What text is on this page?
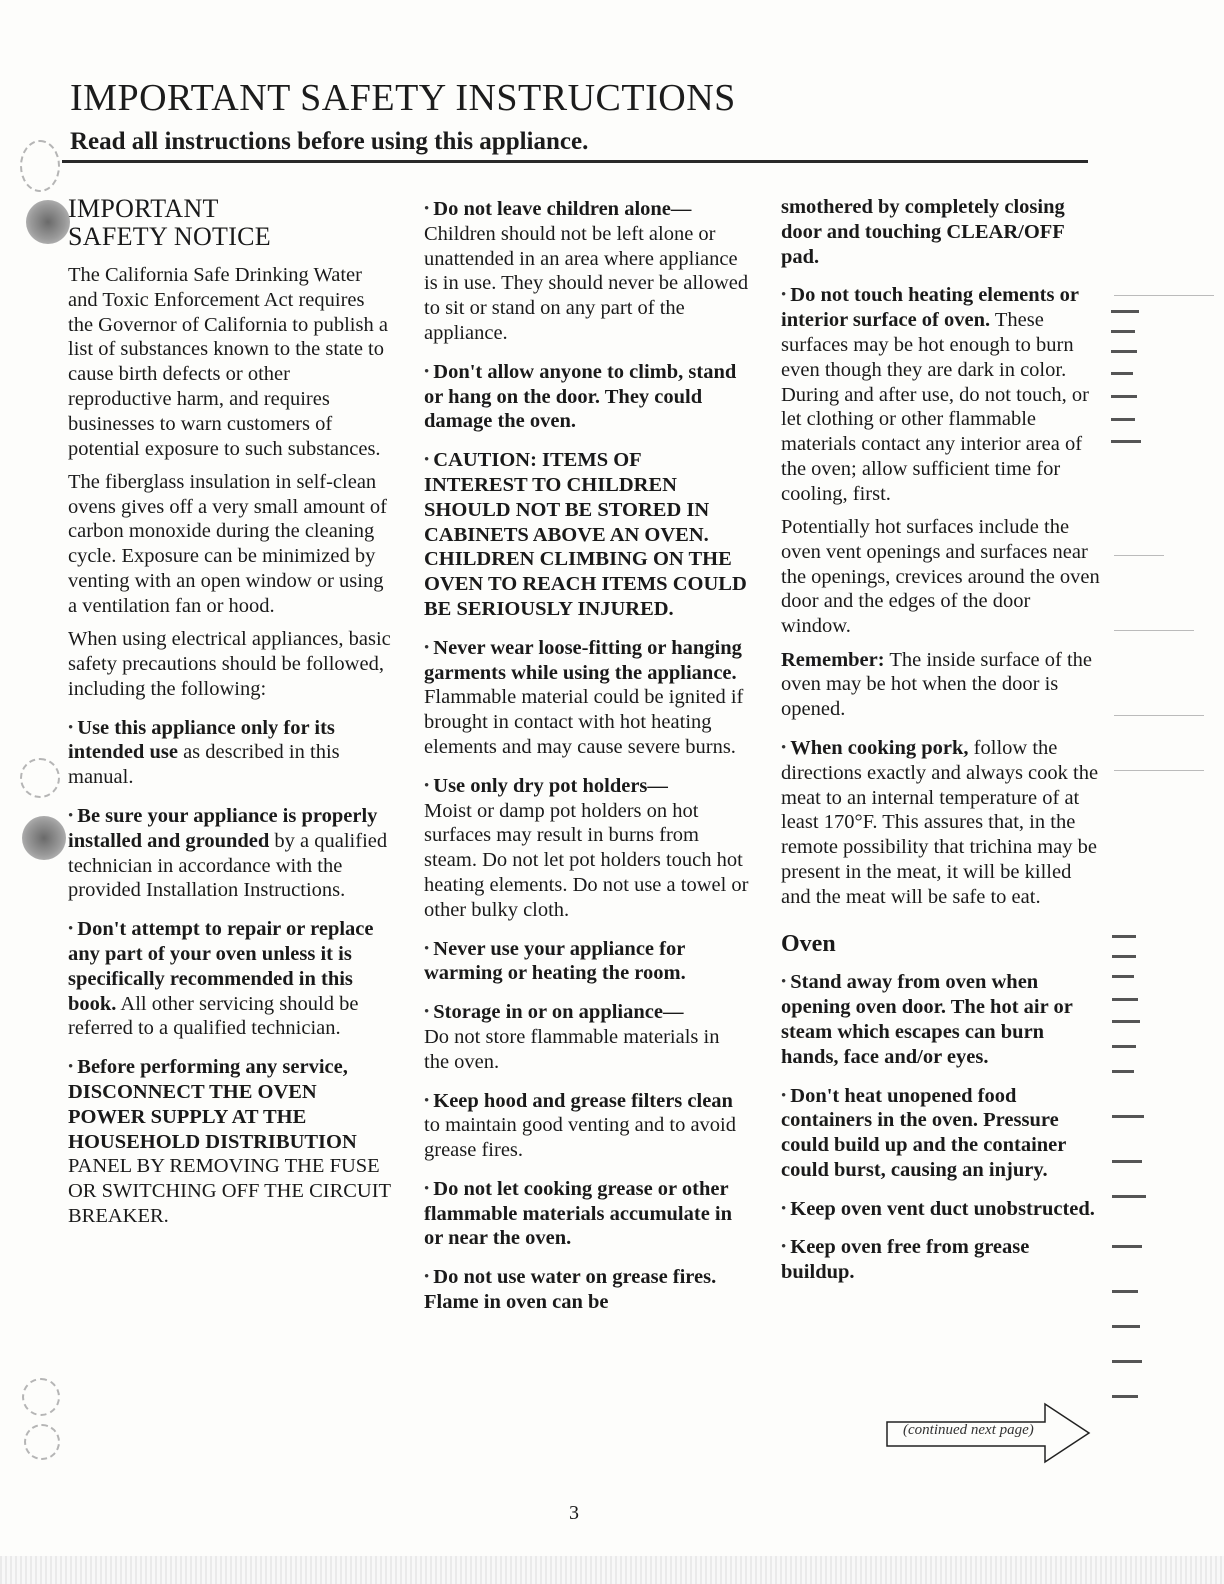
IMPORTANT SAFETY INSTRUCTIONS
Read all instructions before using this appliance.
IMPORTANT
SAFETY NOTICE

The California Safe Drinking Water and Toxic Enforcement Act requires the Governor of California to publish a list of substances known to the state to cause birth defects or other reproductive harm, and requires businesses to warn customers of potential exposure to such substances.

The fiberglass insulation in self-clean ovens gives off a very small amount of carbon monoxide during the cleaning cycle. Exposure can be minimized by venting with an open window or using a ventilation fan or hood.

When using electrical appliances, basic safety precautions should be followed, including the following:

• Use this appliance only for its intended use as described in this manual.

• Be sure your appliance is properly installed and grounded by a qualified technician in accordance with the provided Installation Instructions.

• Don't attempt to repair or replace any part of your oven unless it is specifically recommended in this book. All other servicing should be referred to a qualified technician.

• Before performing any service, DISCONNECT THE OVEN POWER SUPPLY AT THE HOUSEHOLD DISTRIBUTION PANEL BY REMOVING THE FUSE OR SWITCHING OFF THE CIRCUIT BREAKER.

• Do not leave children alone—
Children should not be left alone or unattended in an area where appliance is in use. They should never be allowed to sit or stand on any part of the appliance.

• Don't allow anyone to climb, stand or hang on the door. They could damage the oven.

• CAUTION: ITEMS OF INTEREST TO CHILDREN SHOULD NOT BE STORED IN CABINETS ABOVE AN OVEN. CHILDREN CLIMBING ON THE OVEN TO REACH ITEMS COULD BE SERIOUSLY INJURED.

• Never wear loose-fitting or hanging garments while using the appliance. Flammable material could be ignited if brought in contact with hot heating elements and may cause severe burns.

• Use only dry pot holders—
Moist or damp pot holders on hot surfaces may result in burns from steam. Do not let pot holders touch hot heating elements. Do not use a towel or other bulky cloth.

• Never use your appliance for warming or heating the room.

• Storage in or on appliance—
Do not store flammable materials in the oven.

• Keep hood and grease filters clean to maintain good venting and to avoid grease fires.

• Do not let cooking grease or other flammable materials accumulate in or near the oven.

• Do not use water on grease fires. Flame in oven can be

smothered by completely closing door and touching CLEAR/OFF pad.

• Do not touch heating elements or interior surface of oven. These surfaces may be hot enough to burn even though they are dark in color. During and after use, do not touch, or let clothing or other flammable materials contact any interior area of the oven; allow sufficient time for cooling, first.

Potentially hot surfaces include the oven vent openings and surfaces near the openings, crevices around the oven door and the edges of the door window.

Remember: The inside surface of the oven may be hot when the door is opened.

• When cooking pork, follow the directions exactly and always cook the meat to an internal temperature of at least 170°F. This assures that, in the remote possibility that trichina may be present in the meat, it will be killed and the meat will be safe to eat.

Oven

• Stand away from oven when opening oven door. The hot air or steam which escapes can burn hands, face and/or eyes.

• Don't heat unopened food containers in the oven. Pressure could build up and the container could burst, causing an injury.

• Keep oven vent duct unobstructed.

• Keep oven free from grease buildup.

(continued next page)
3
